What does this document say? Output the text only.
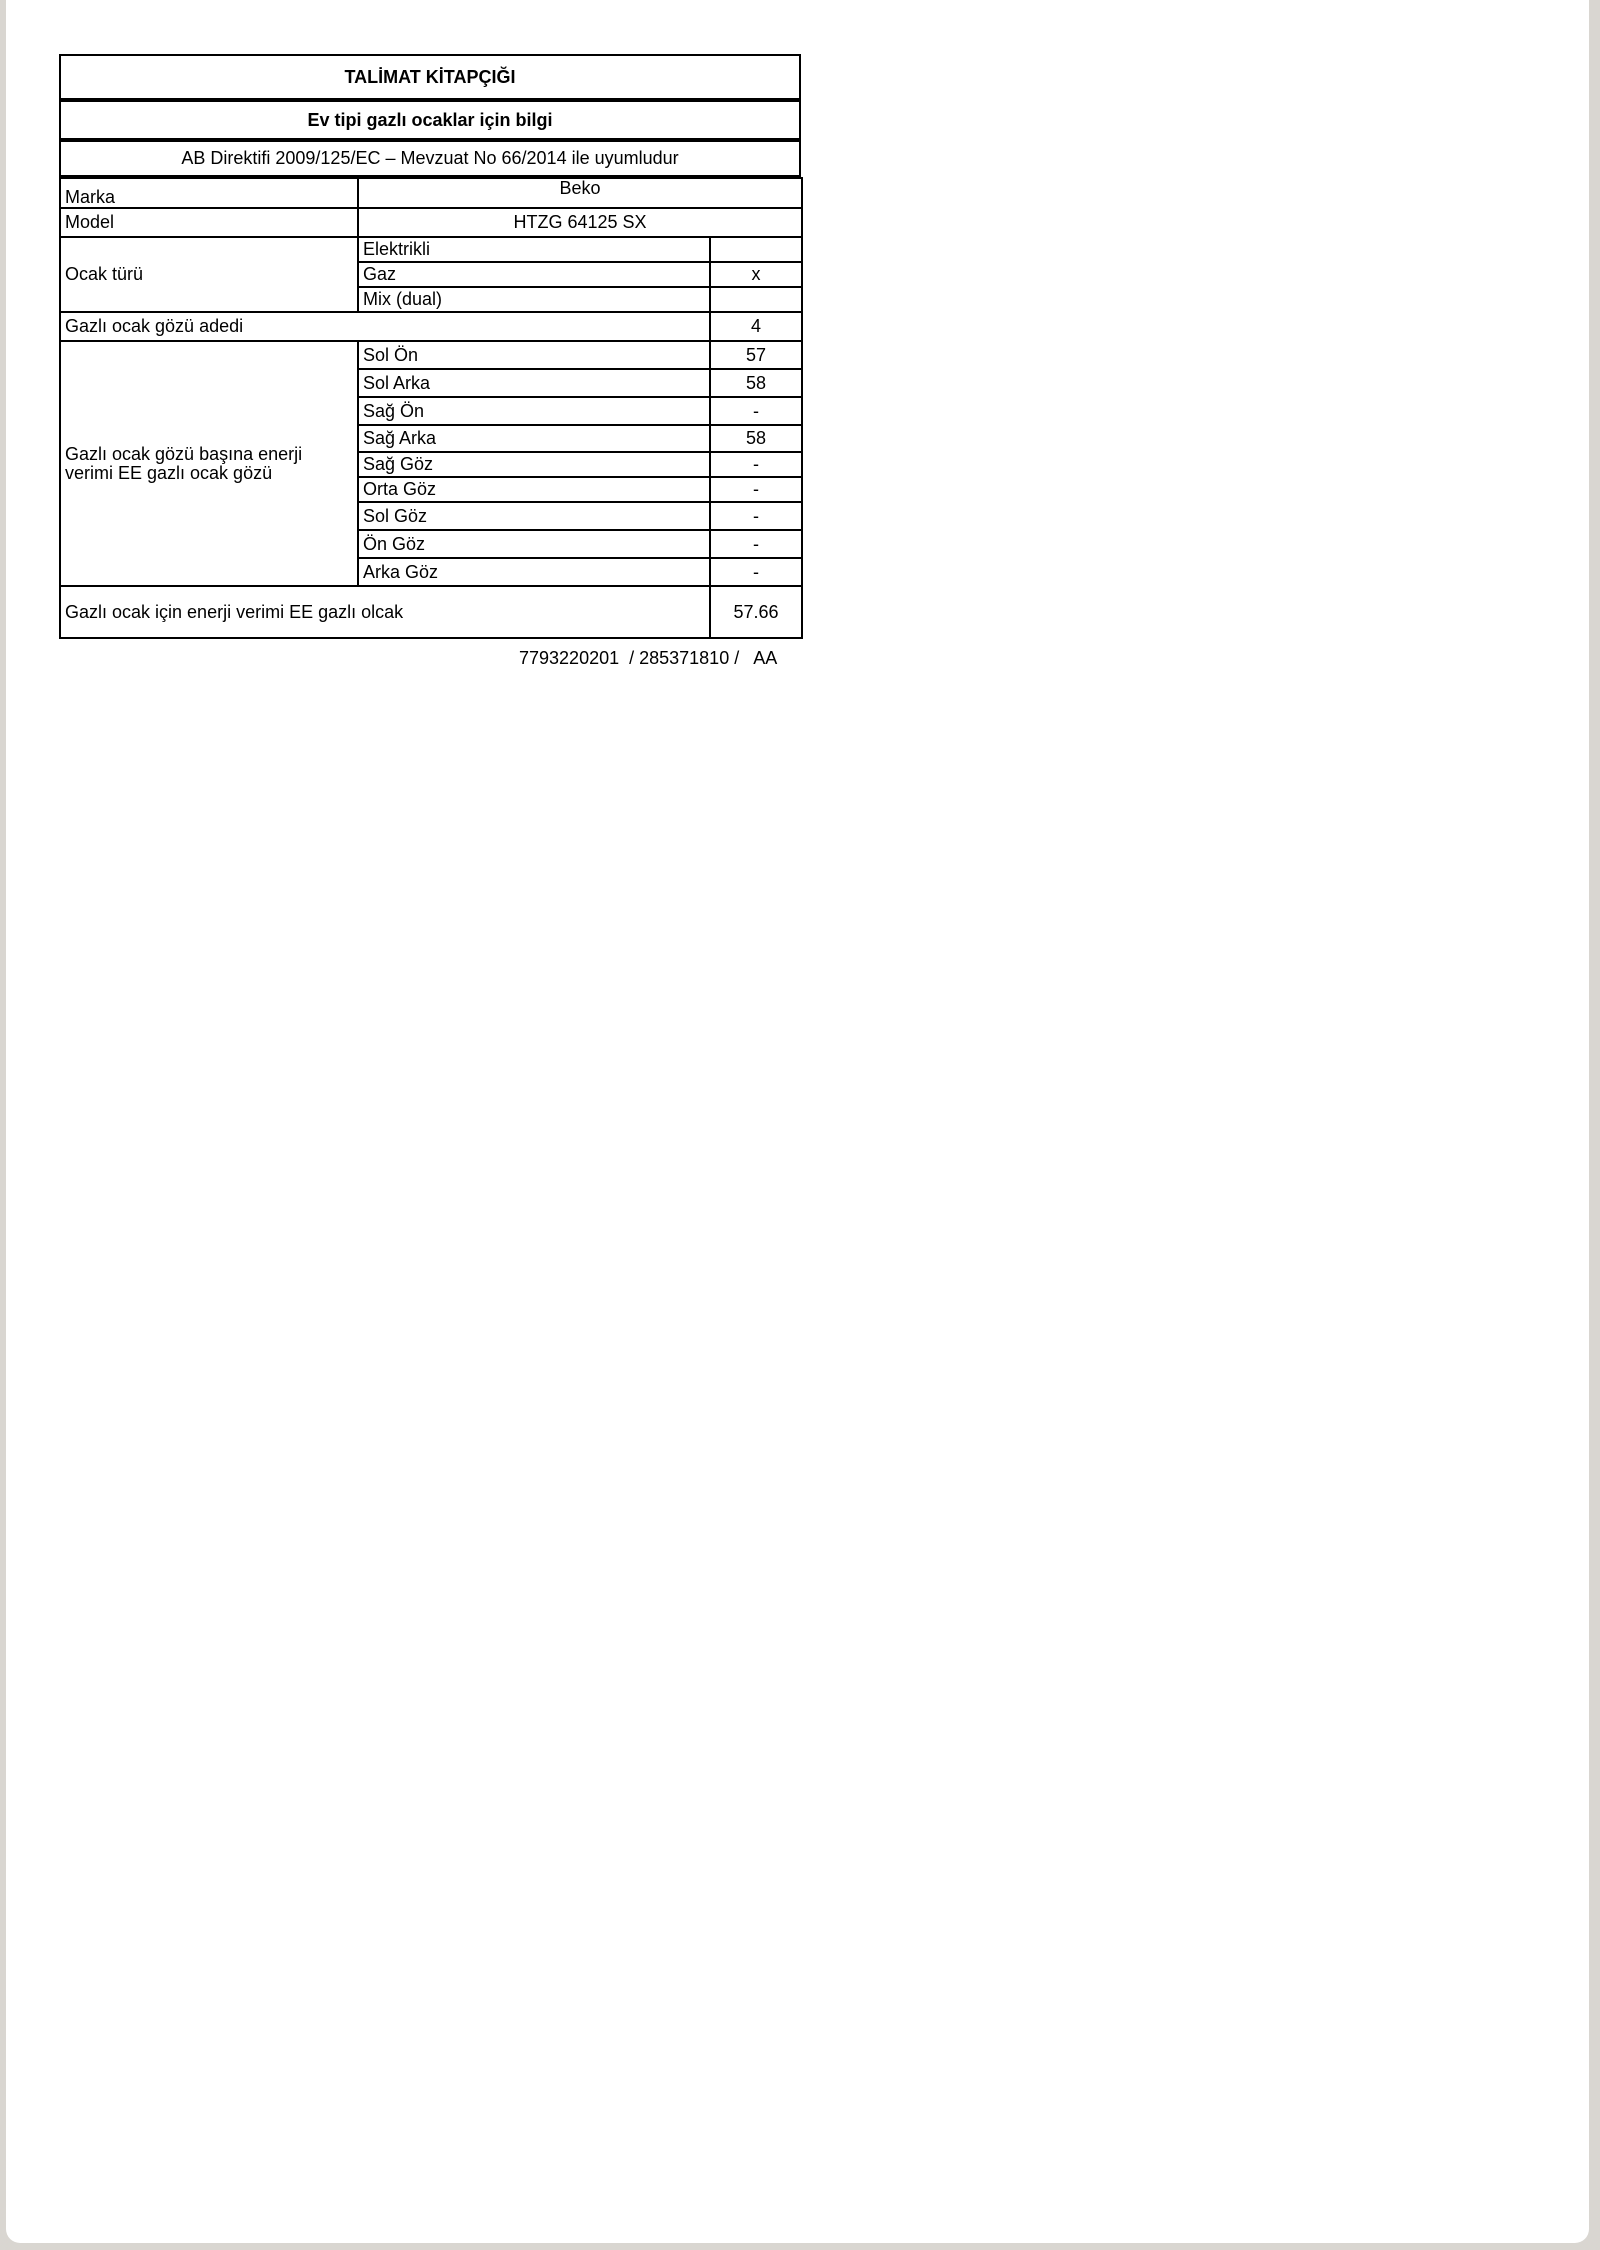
TALİMAT KİTAPÇIĞI
Ev tipi gazlı ocaklar için bilgi
AB Direktifi 2009/125/EC – Mevzuat No 66/2014 ile uyumludur
Marka	Beko	
Model	HTZG 64125 SX	
Ocak türü	Elektrikli	
	Gaz	x
	Mix (dual)	
Gazlı ocak gözü adedi		4
Gazlı ocak gözü başına enerji verimi EE gazlı ocak gözü	Sol Ön	57
	Sol Arka	58
	Sağ Ön	-
	Sağ Arka	58
	Sağ Göz	-
	Orta Göz	-
	Sol Göz	-
	Ön Göz	-
	Arka Göz	-
Gazlı ocak için enerji verimi EE gazlı olcak		57.66
7793220201  / 285371810 /   AA
